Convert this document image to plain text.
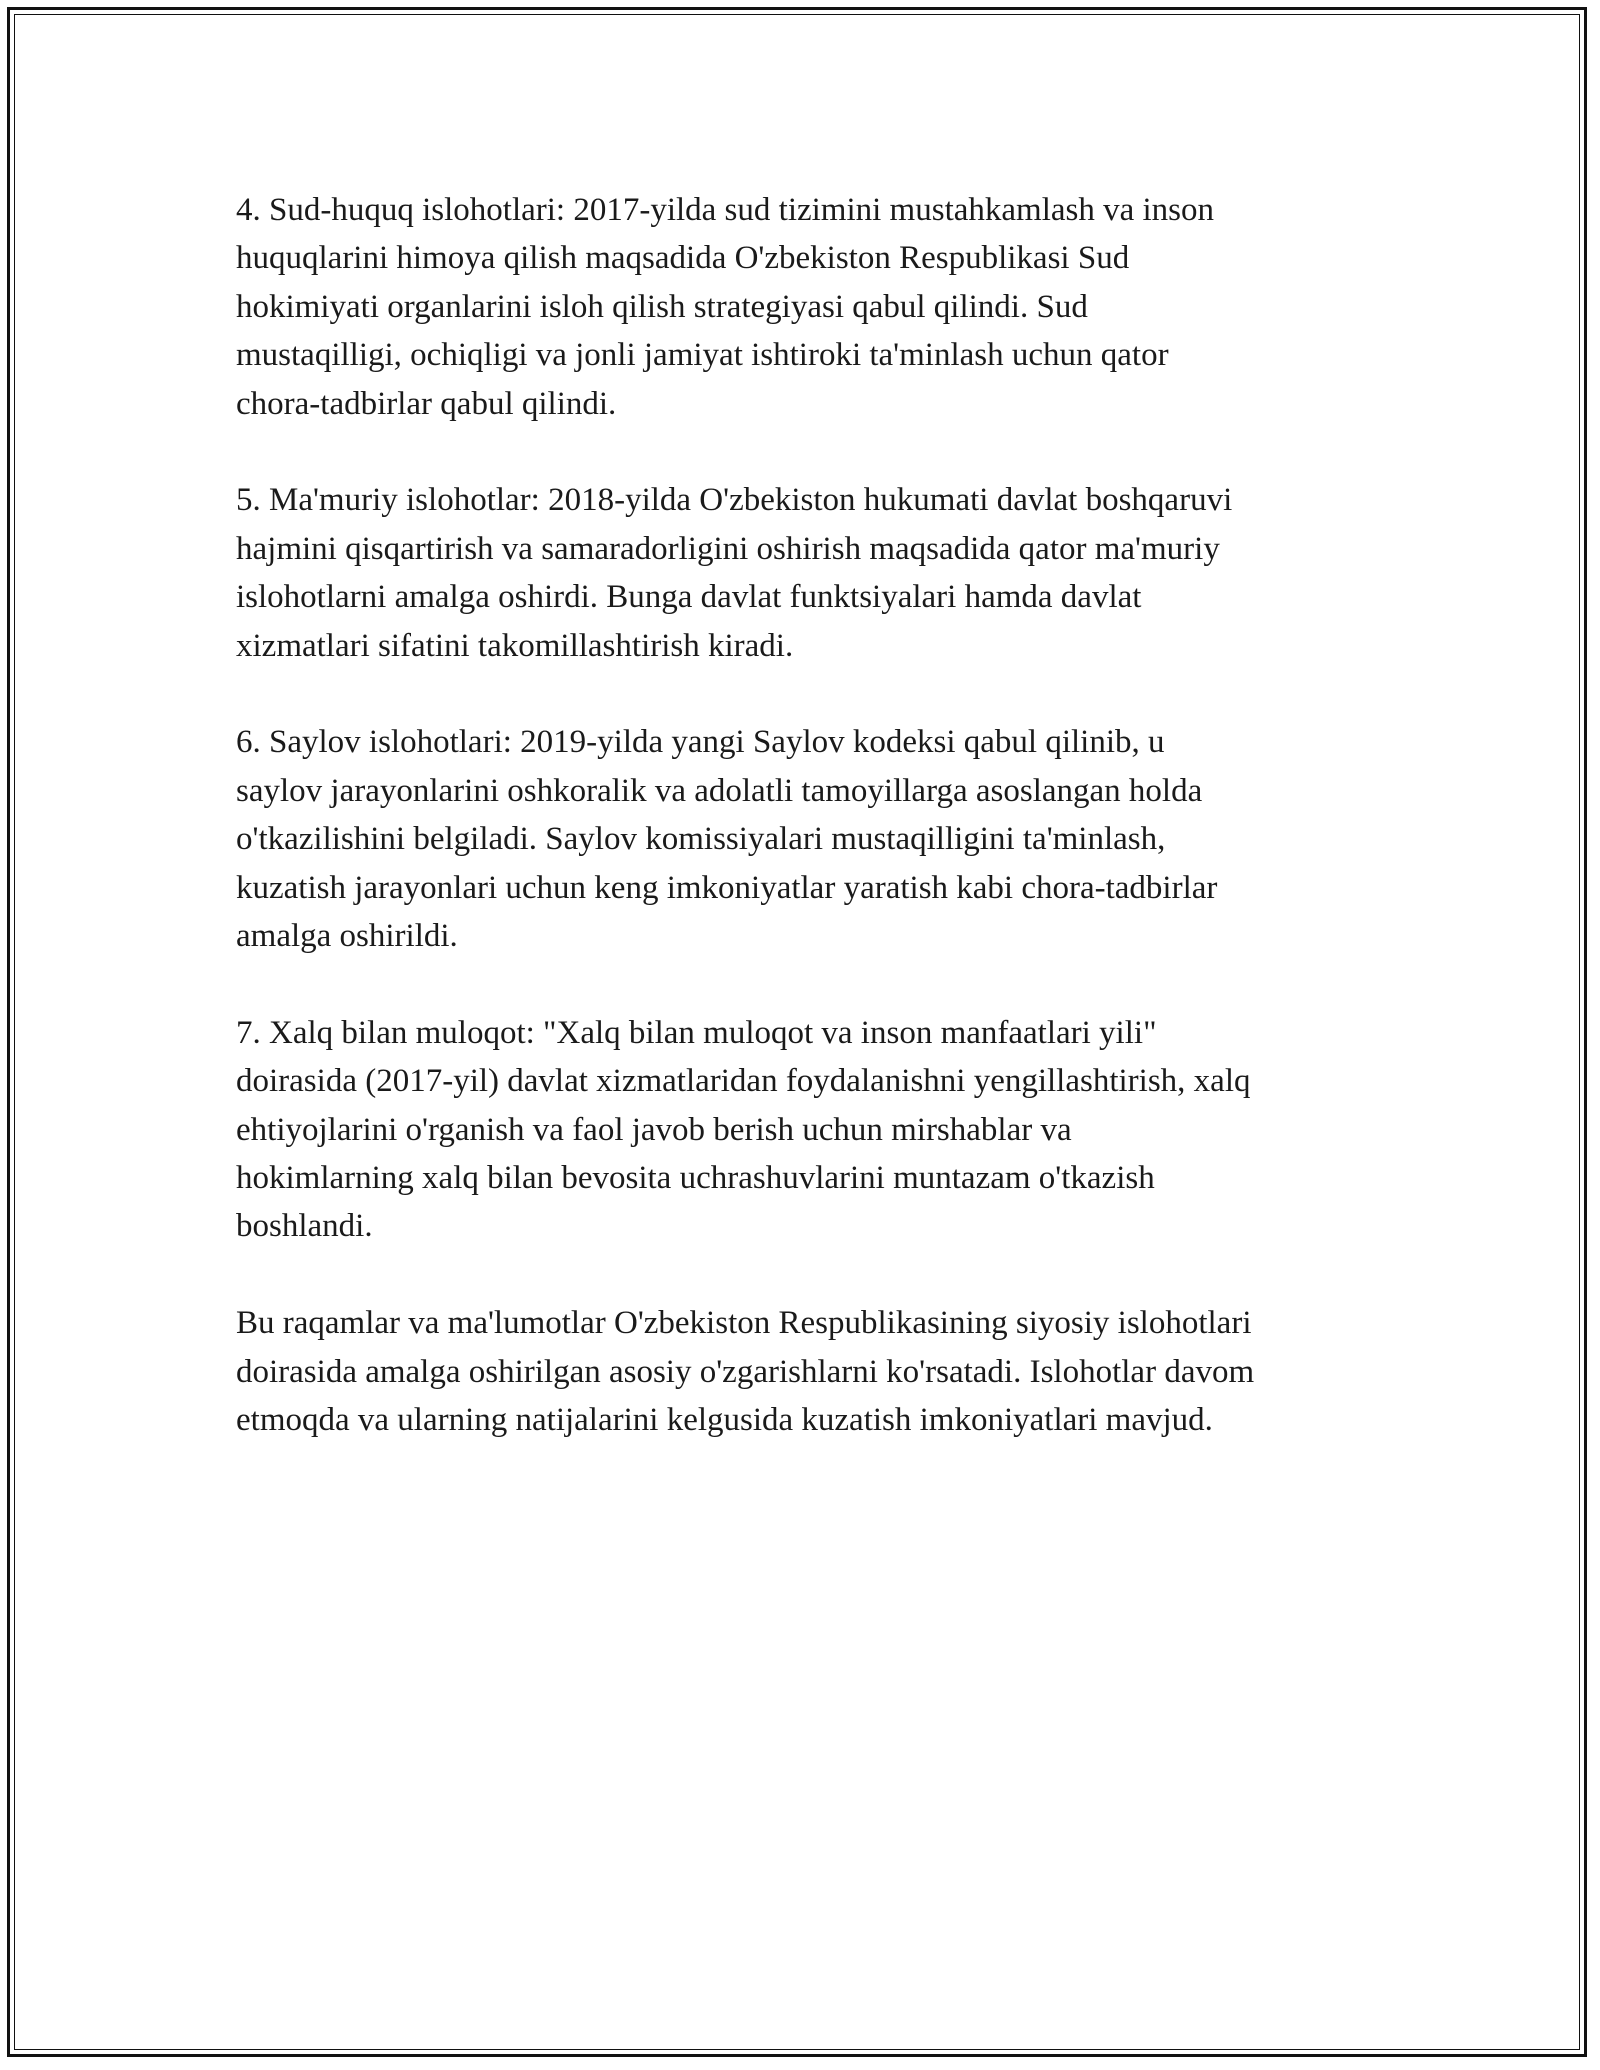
4. Sud-huquq islohotlari: 2017-yilda sud tizimini mustahkamlash va inson
huquqlarini himoya qilish maqsadida O'zbekiston Respublikasi Sud
hokimiyati organlarini isloh qilish strategiyasi qabul qilindi. Sud
mustaqilligi, ochiqligi va jonli jamiyat ishtiroki ta'minlash uchun qator
chora-tadbirlar qabul qilindi.

5. Ma'muriy islohotlar: 2018-yilda O'zbekiston hukumati davlat boshqaruvi
hajmini qisqartirish va samaradorligini oshirish maqsadida qator ma'muriy
islohotlarni amalga oshirdi. Bunga davlat funktsiyalari hamda davlat
xizmatlari sifatini takomillashtirish kiradi.

6. Saylov islohotlari: 2019-yilda yangi Saylov kodeksi qabul qilinib, u
saylov jarayonlarini oshkoralik va adolatli tamoyillarga asoslangan holda
o'tkazilishini belgiladi. Saylov komissiyalari mustaqilligini ta'minlash,
kuzatish jarayonlari uchun keng imkoniyatlar yaratish kabi chora-tadbirlar
amalga oshirildi.

7. Xalq bilan muloqot: "Xalq bilan muloqot va inson manfaatlari yili"
doirasida (2017-yil) davlat xizmatlaridan foydalanishni yengillashtirish, xalq
ehtiyojlarini o'rganish va faol javob berish uchun mirshablar va
hokimlarning xalq bilan bevosita uchrashuvlarini muntazam o'tkazish
boshlandi.

Bu raqamlar va ma'lumotlar O'zbekiston Respublikasining siyosiy islohotlari
doirasida amalga oshirilgan asosiy o'zgarishlarni ko'rsatadi. Islohotlar davom
etmoqda va ularning natijalarini kelgusida kuzatish imkoniyatlari mavjud.
